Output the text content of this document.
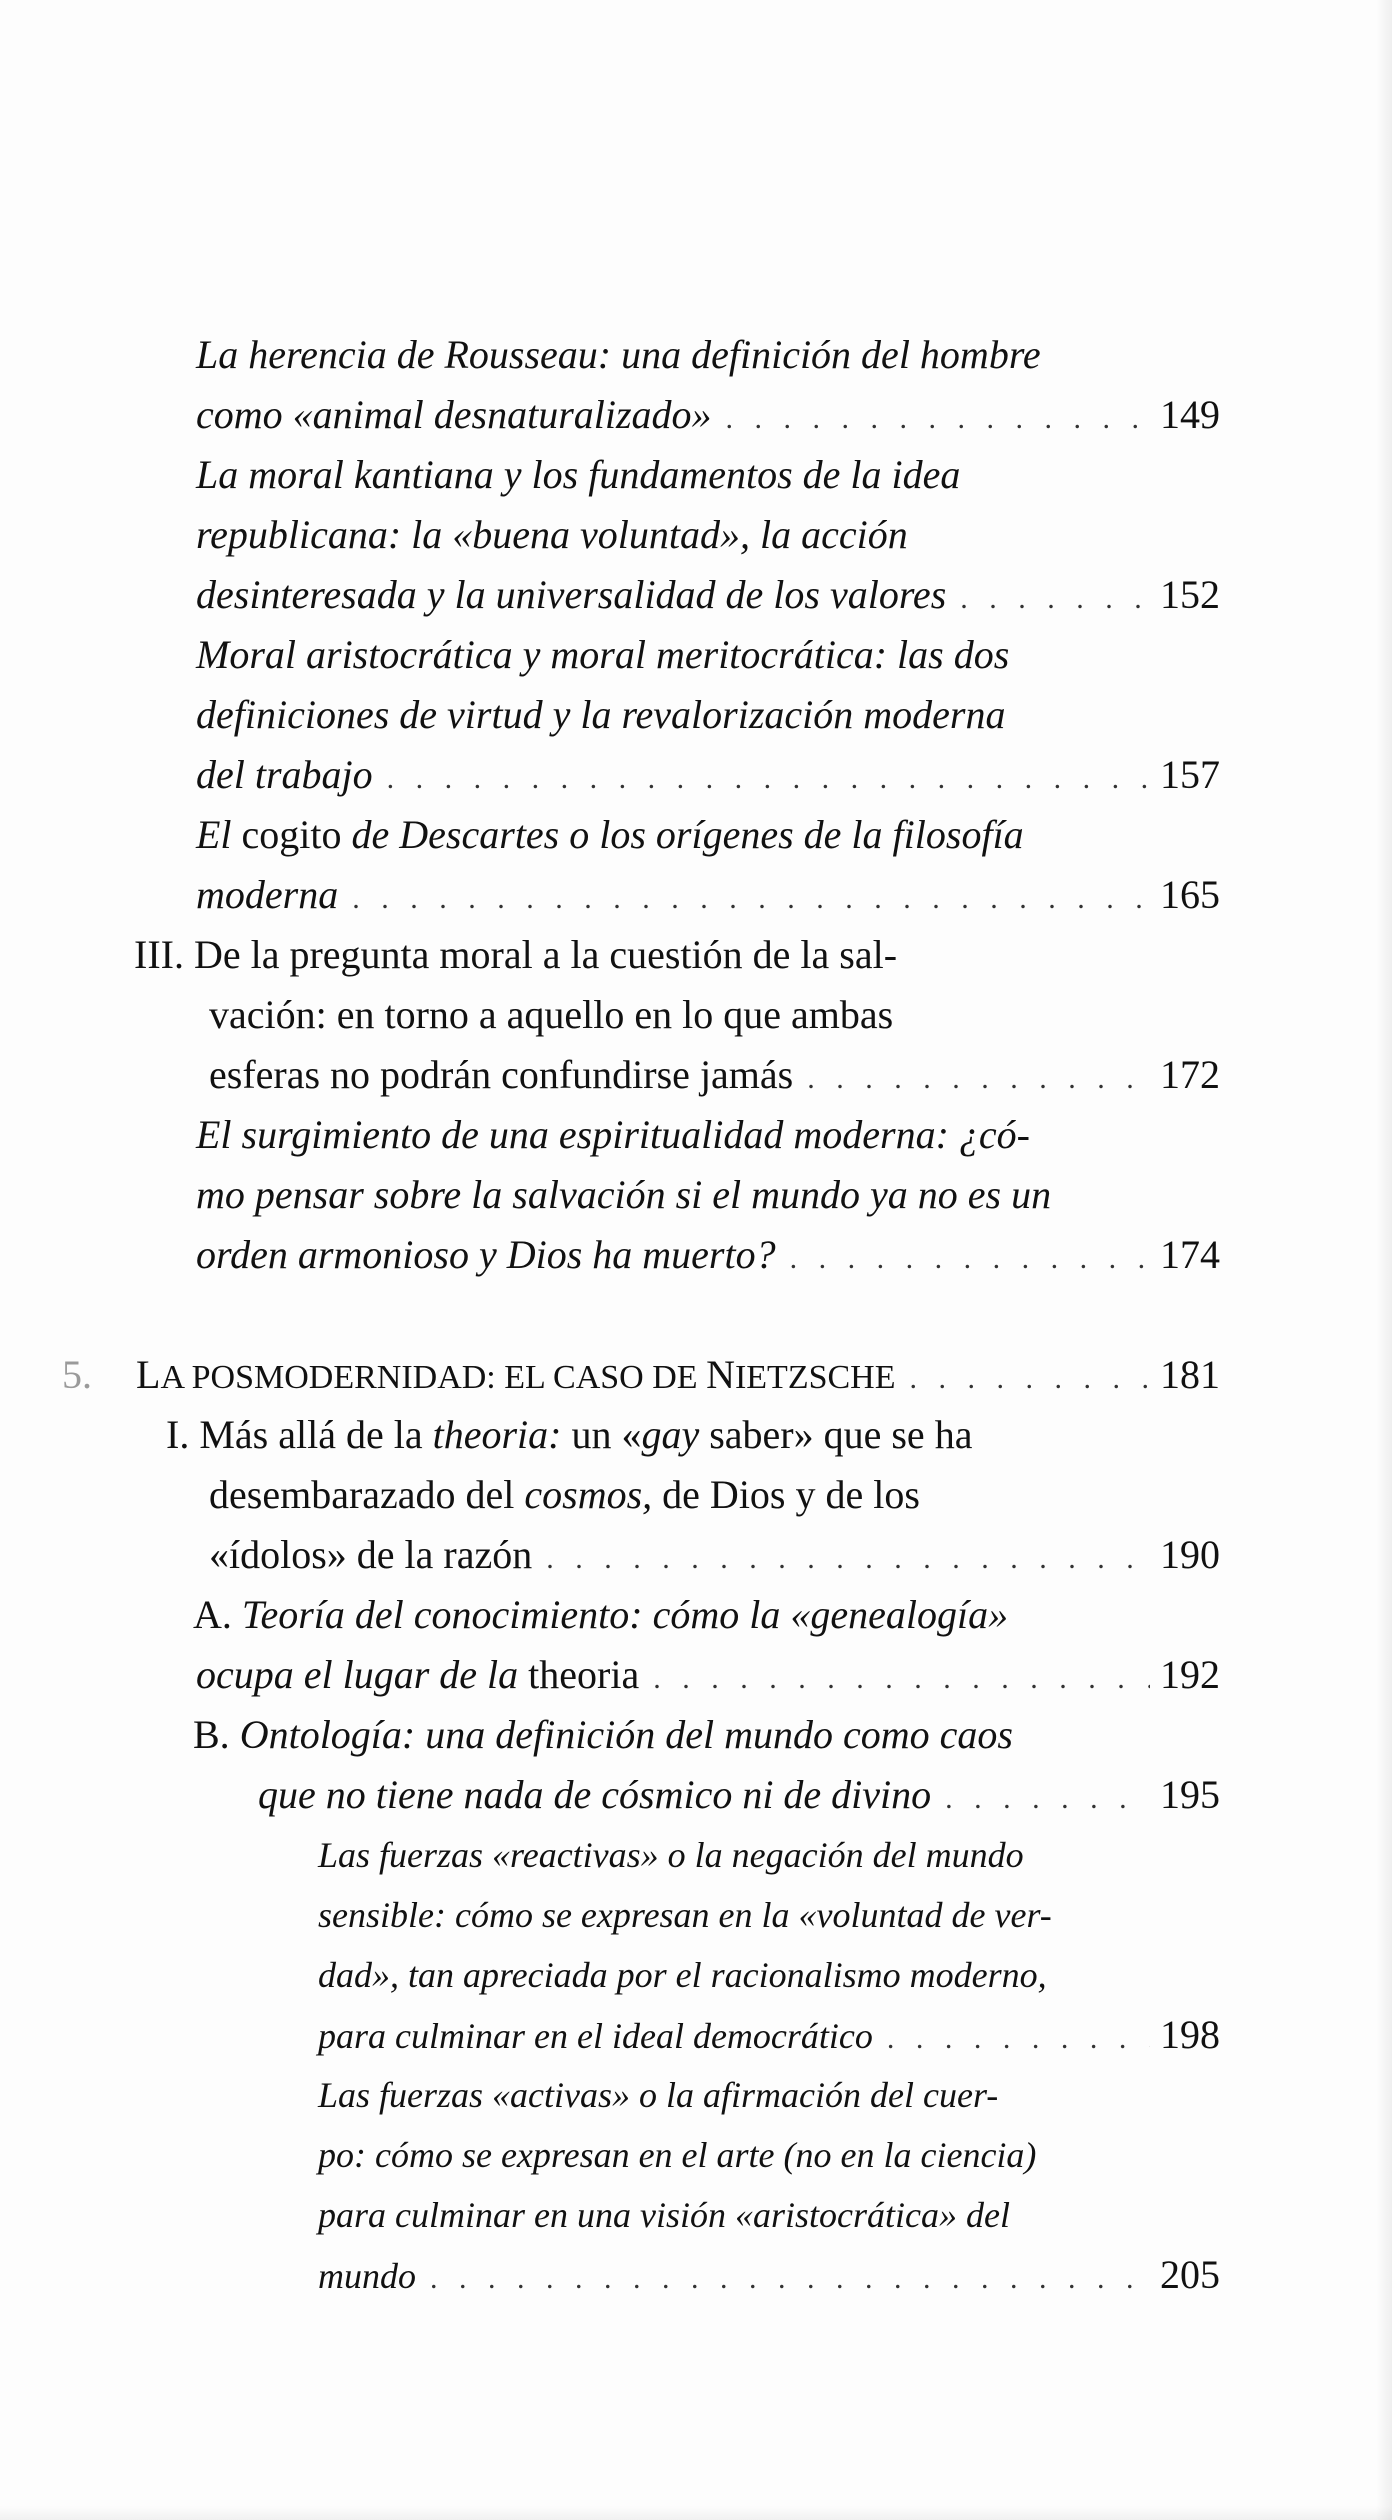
La herencia de Rousseau: una definición del hombre
como «animal desnaturalizado» . . .	149
La moral kantiana y los fundamentos de la idea
republicana: la «buena voluntad», la acción
desinteresada y la universalidad de los valores . . .	152
Moral aristocrática y moral meritocrática: las dos
definiciones de virtud y la revalorización moderna
del trabajo . . .	157
El cogito de Descartes o los orígenes de la filosofía
moderna . . .	165
III. De la pregunta moral a la cuestión de la sal-
vación: en torno a aquello en lo que ambas
esferas no podrán confundirse jamás . . .	172
El surgimiento de una espiritualidad moderna: ¿có-
mo pensar sobre la salvación si el mundo ya no es un
orden armonioso y Dios ha muerto? . . .	174
5.	LA POSMODERNIDAD: EL CASO DE NIETZSCHE . . .	181
I. Más allá de la theoria: un «gay saber» que se ha
desembarazado del cosmos, de Dios y de los
«ídolos» de la razón . . .	190
A. Teoría del conocimiento: cómo la «genealogía»
ocupa el lugar de la theoria . . .	192
B. Ontología: una definición del mundo como caos
que no tiene nada de cósmico ni de divino . . .	195
Las fuerzas «reactivas» o la negación del mundo
sensible: cómo se expresan en la «voluntad de ver-
dad», tan apreciada por el racionalismo moderno,
para culminar en el ideal democrático . . .	198
Las fuerzas «activas» o la afirmación del cuer-
po: cómo se expresan en el arte (no en la ciencia)
para culminar en una visión «aristocrática» del
mundo . . .	205
